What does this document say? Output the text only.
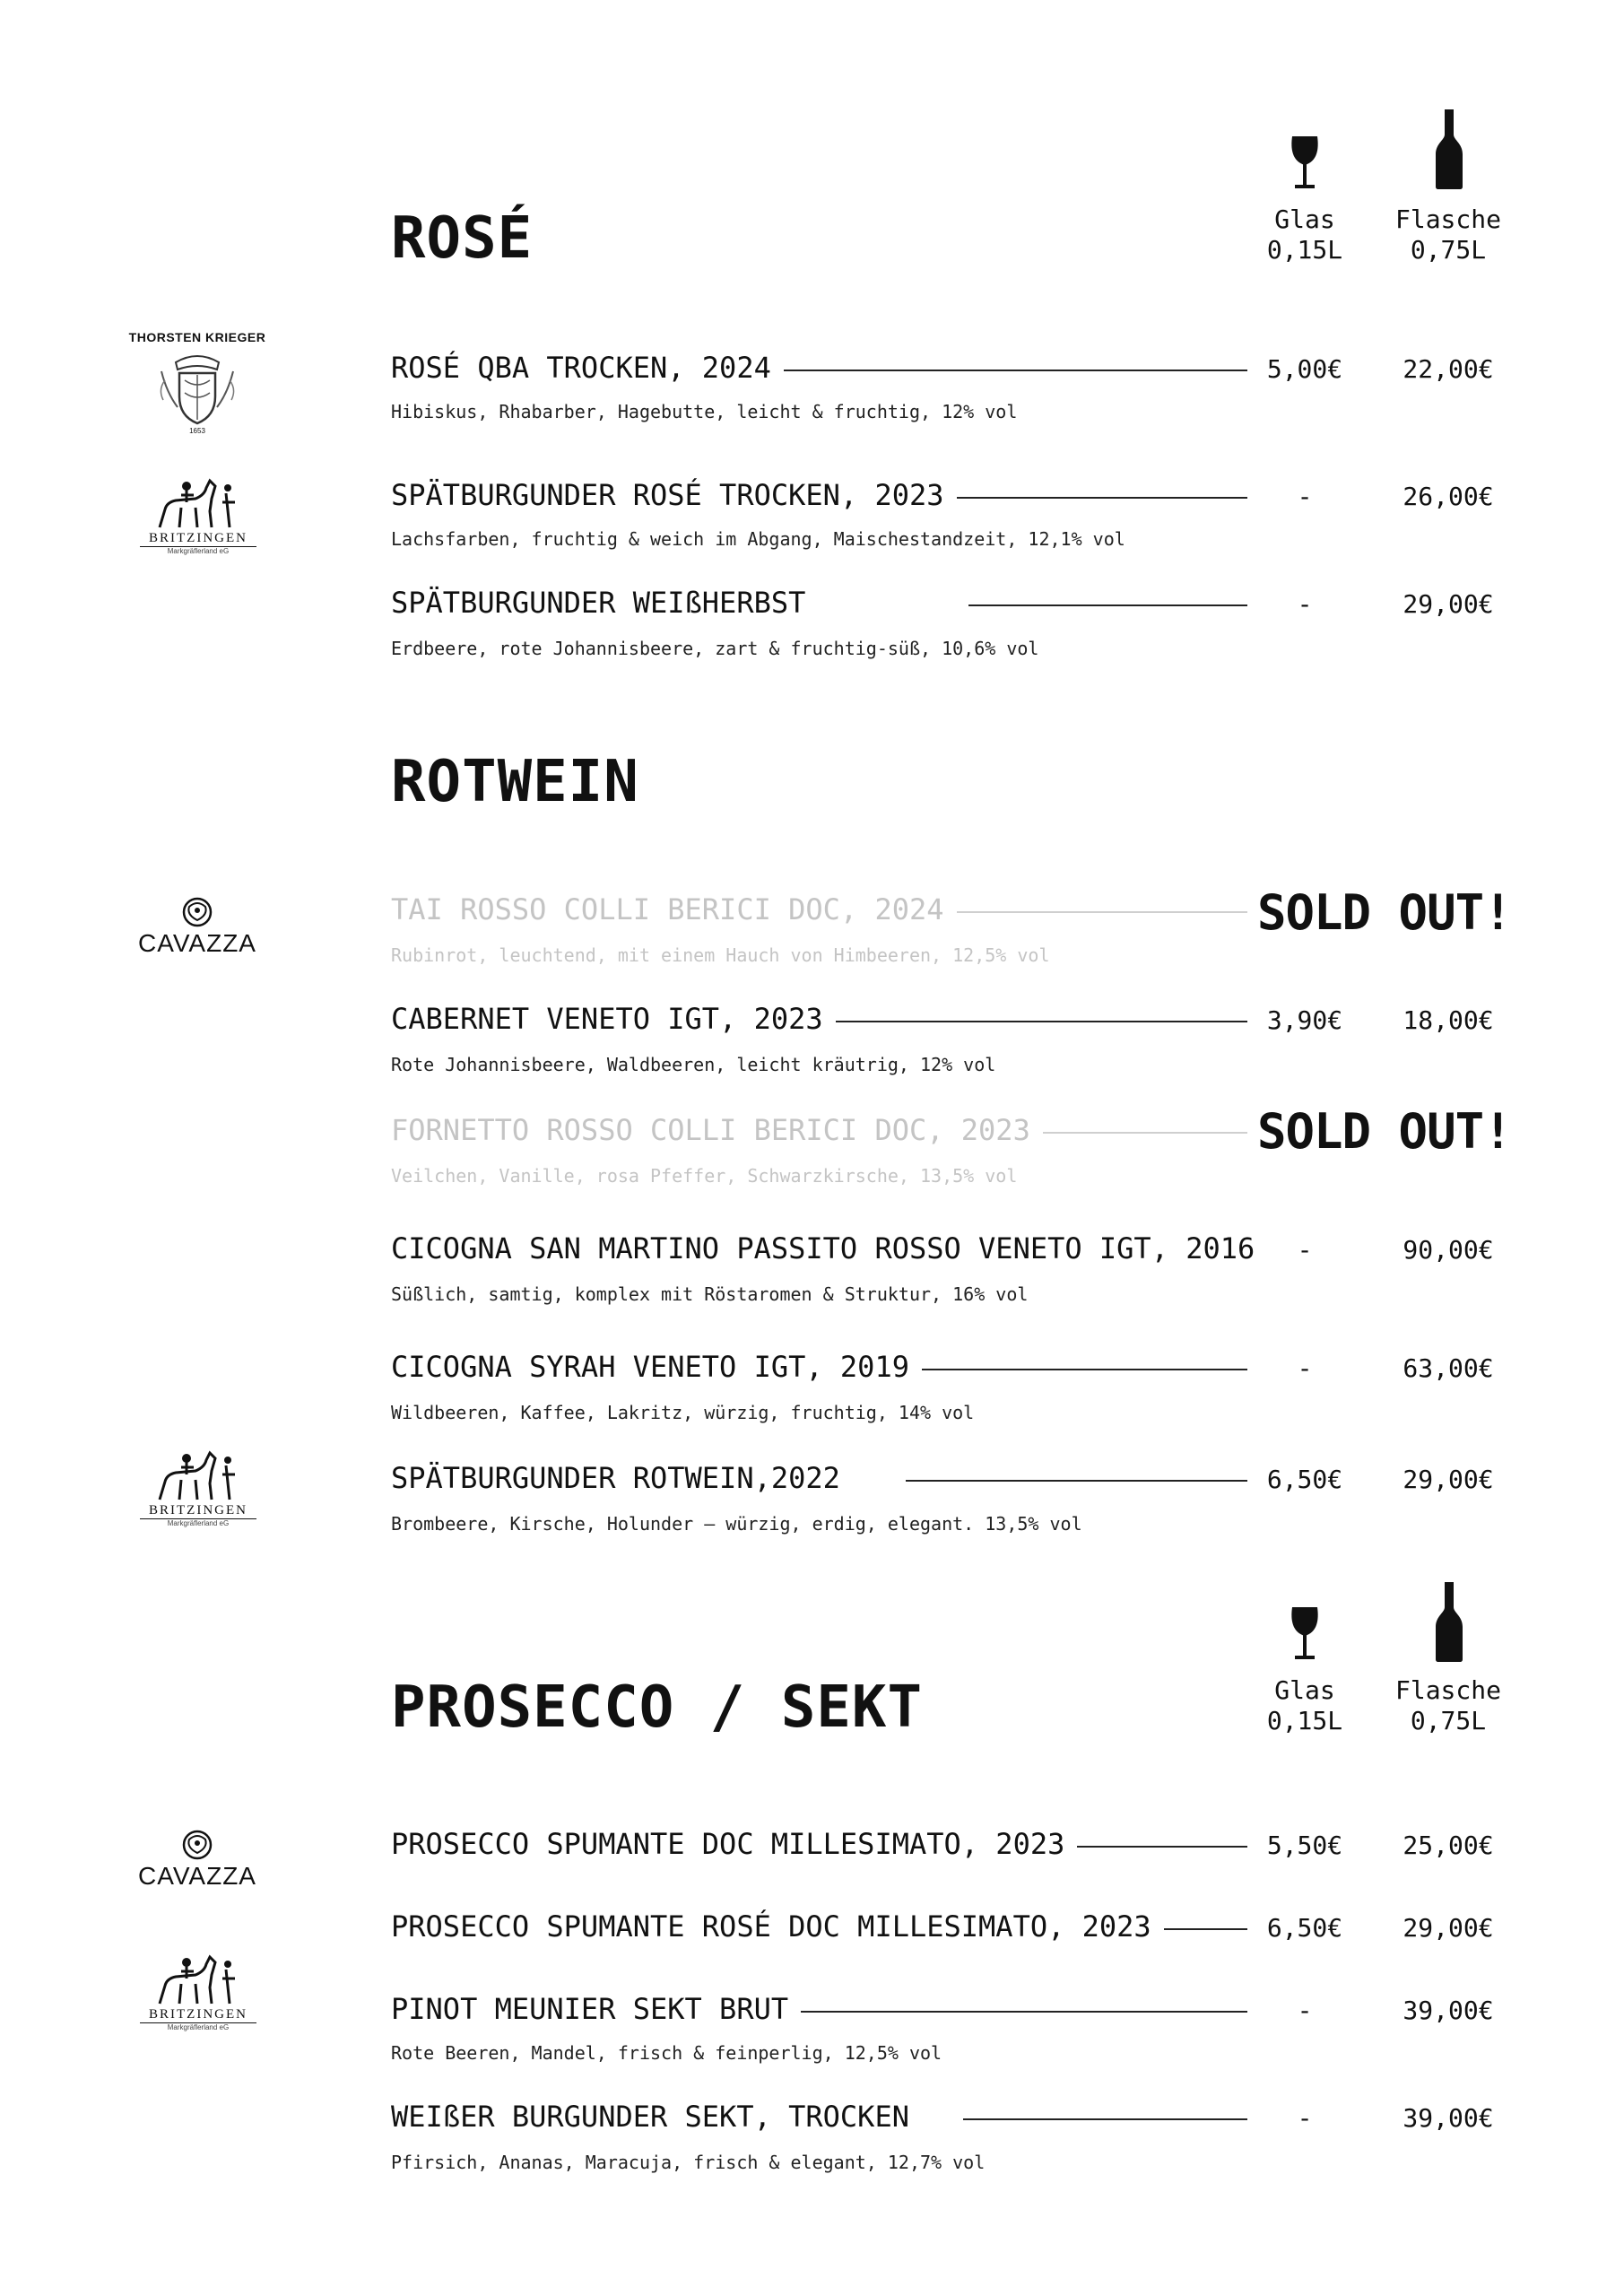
ROSÉ	Glas
0,15L
Flasche
0,75L
THORSTEN KRIEGER
1653
ROSÉ QBA TROCKEN, 2024
Hibiskus, Rhabarber, Hagebutte, leicht & fruchtig, 12% vol
5,00€	22,00€
BRITZINGEN
Markgräflerland eG
SPÄTBURGUNDER ROSÉ TROCKEN, 2023
Lachsfarben, fruchtig & weich im Abgang, Maischestandzeit, 12,1% vol
-	26,00€
SPÄTBURGUNDER WEIßHERBST
Erdbeere, rote Johannisbeere, zart & fruchtig-süß, 10,6% vol
-	29,00€
ROTWEIN
CAVAZZA
TAI ROSSO COLLI BERICI DOC, 2024
Rubinrot, leuchtend, mit einem Hauch von Himbeeren, 12,5% vol
SOLD OUT!
CABERNET VENETO IGT, 2023
Rote Johannisbeere, Waldbeeren, leicht kräutrig, 12% vol
3,90€	18,00€
FORNETTO ROSSO COLLI BERICI DOC, 2023
Veilchen, Vanille, rosa Pfeffer, Schwarzkirsche, 13,5% vol
SOLD OUT!
CICOGNA SAN MARTINO PASSITO ROSSO VENETO IGT, 2016
Süßlich, samtig, komplex mit Röstaromen & Struktur, 16% vol
-	90,00€
CICOGNA SYRAH VENETO IGT, 2019
Wildbeeren, Kaffee, Lakritz, würzig, fruchtig, 14% vol
-	63,00€
BRITZINGEN
Markgräflerland eG
SPÄTBURGUNDER ROTWEIN,2022
Brombeere, Kirsche, Holunder – würzig, erdig, elegant. 13,5% vol
6,50€	29,00€
PROSECCO / SEKT	Glas
0,15L
Flasche
0,75L
CAVAZZA
PROSECCO SPUMANTE DOC MILLESIMATO, 2023	5,50€	25,00€
PROSECCO SPUMANTE ROSÉ DOC MILLESIMATO, 2023	6,50€	29,00€
BRITZINGEN
Markgräflerland eG
PINOT MEUNIER SEKT BRUT
Rote Beeren, Mandel, frisch & feinperlig, 12,5% vol
-	39,00€
WEIßER BURGUNDER SEKT, TROCKEN
Pfirsich, Ananas, Maracuja, frisch & elegant, 12,7% vol
-	39,00€
